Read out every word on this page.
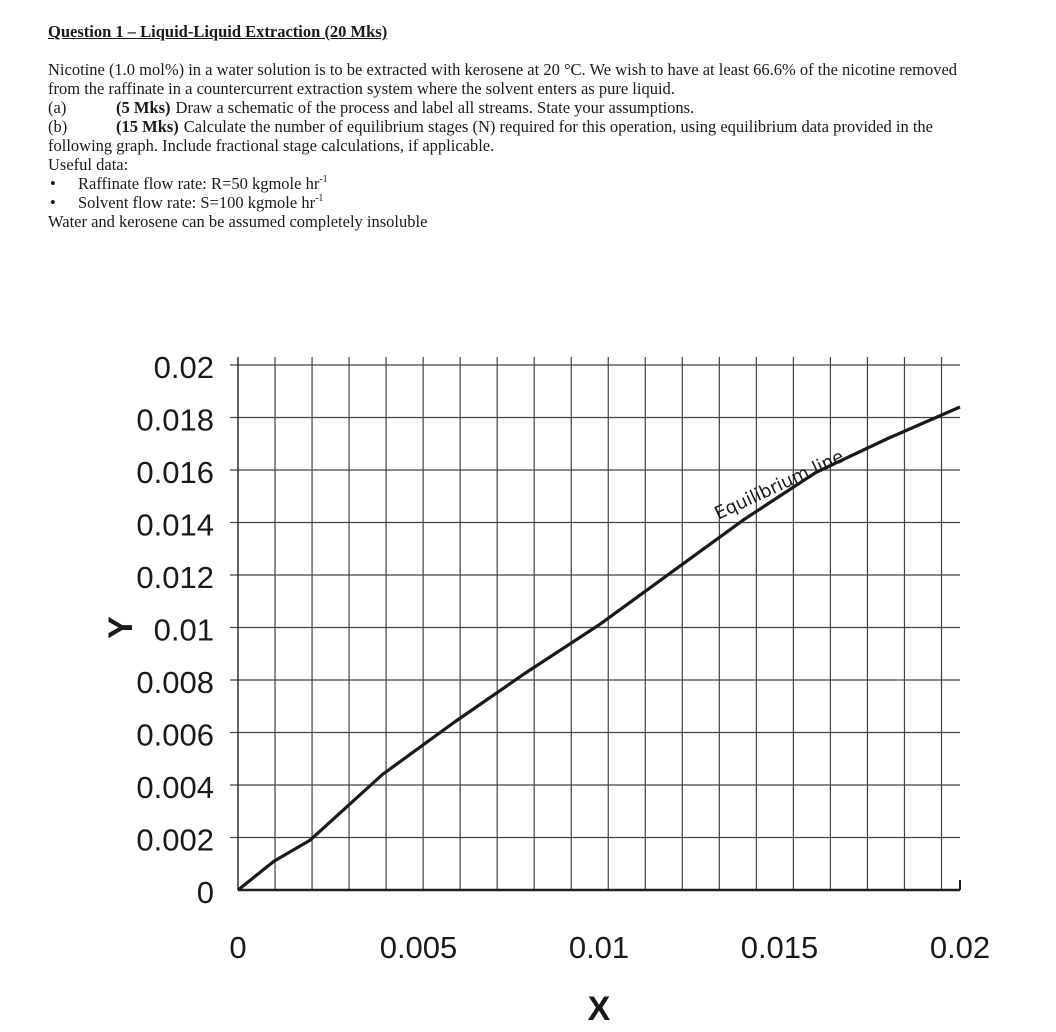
Question 1 – Liquid-Liquid Extraction (20 Mks)

Nicotine (1.0 mol%) in a water solution is to be extracted with kerosene at 20 °C. We wish to have at least 66.6% of the nicotine removed from the raffinate in a countercurrent extraction system where the solvent enters as pure liquid.

(a)	(5 Mks) Draw a schematic of the process and label all streams. State your assumptions.
(b)	(15 Mks) Calculate the number of equilibrium stages (N) required for this operation, using equilibrium data provided in the following graph. Include fractional stage calculations, if applicable.
Useful data:
•	Raffinate flow rate: R=50 kgmole $hr^{-1}$
•	Solvent flow rate: S=100 kgmole $hr^{-1}$
Water and kerosene can be assumed completely insoluble
0
0.002
0.004
0.006
0.008
0.01
0.012
0.014
0.016
0.018
0.02
0	0.005	0.01	0.015	0.02
X
Y
Equilibrium line
